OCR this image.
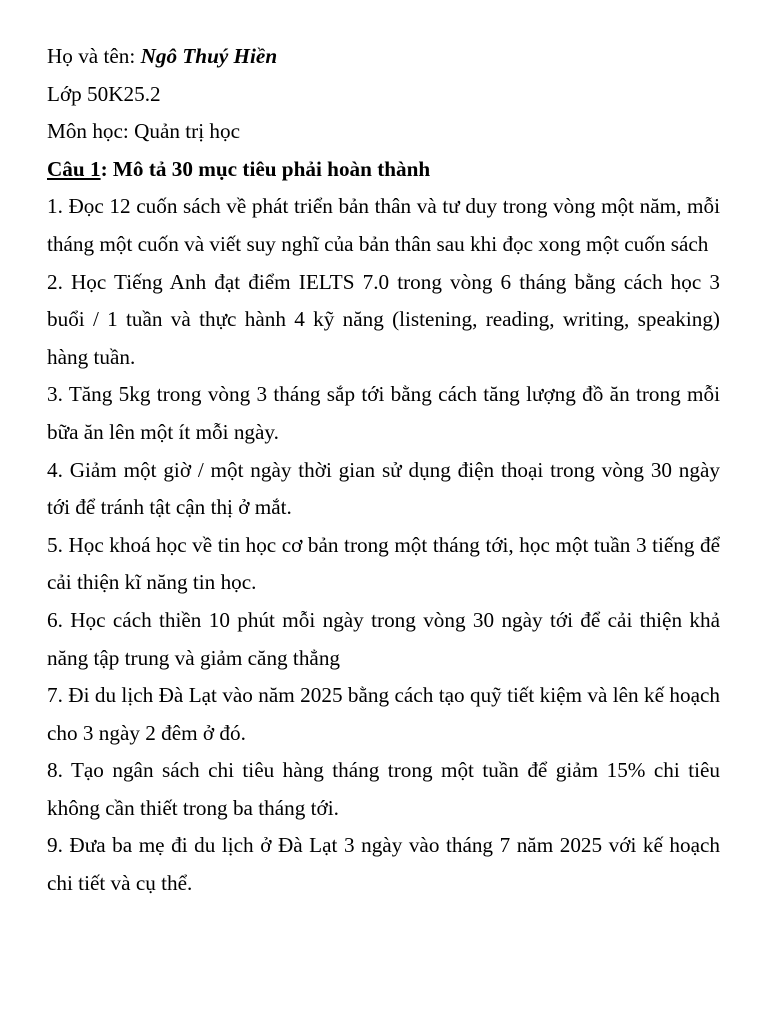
Họ và tên: Ngô Thuý Hiền
Lớp 50K25.2
Môn học: Quản trị học
Câu 1: Mô tả 30 mục tiêu phải hoàn thành
1. Đọc 12 cuốn sách về phát triển bản thân và tư duy trong vòng một năm, mỗi tháng một cuốn và viết suy nghĩ của bản thân sau khi đọc xong một cuốn sách
2. Học Tiếng Anh đạt điểm IELTS 7.0 trong vòng 6 tháng bằng cách học 3 buổi / 1 tuần và thực hành 4 kỹ năng (listening, reading, writing, speaking) hàng tuần.
3. Tăng 5kg trong vòng 3 tháng sắp tới bằng cách tăng lượng đồ ăn trong mỗi bữa ăn lên một ít mỗi ngày.
4. Giảm một giờ / một ngày thời gian sử dụng điện thoại trong vòng 30 ngày tới để tránh tật cận thị ở mắt.
5. Học khoá học về tin học cơ bản trong một tháng tới, học một tuần 3 tiếng để cải thiện kĩ năng tin học.
6. Học cách thiền 10 phút mỗi ngày trong vòng 30 ngày tới để cải thiện khả năng tập trung và giảm căng thẳng
7. Đi du lịch Đà Lạt vào năm 2025 bằng cách tạo quỹ tiết kiệm và lên kế hoạch cho 3 ngày 2 đêm ở đó.
8. Tạo ngân sách chi tiêu hàng tháng trong một tuần để giảm 15% chi tiêu không cần thiết trong ba tháng tới.
9. Đưa ba mẹ đi du lịch ở Đà Lạt 3 ngày vào tháng 7 năm 2025 với kế hoạch chi tiết và cụ thể.
